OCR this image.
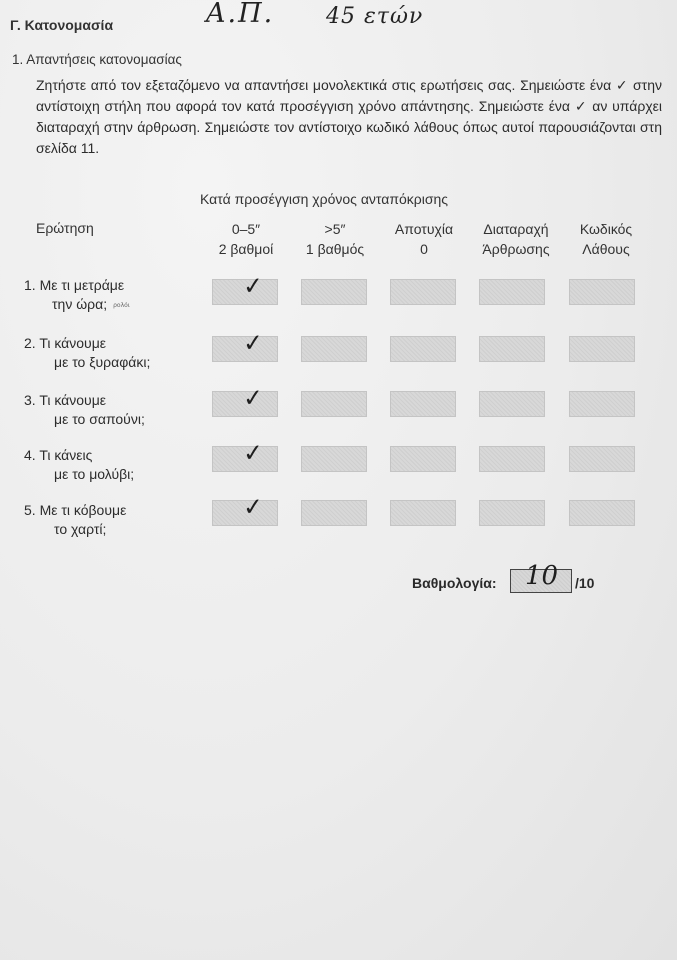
Γ. Κατονομασία	Α.Π. 45 ετών
1. Απαντήσεις κατονομασίας
Ζητήστε από τον εξεταζόμενο να απαντήσει μονολεκτικά στις ερωτήσεις σας. Σημειώστε ένα ✓ στην αντίστοιχη στήλη που αφορά τον κατά προσέγγιση χρόνο απάντησης. Σημειώστε ένα ✓ αν υπάρχει διαταραχή στην άρθρωση. Σημειώστε τον αντίστοιχο κωδικό λάθους όπως αυτοί παρουσιάζονται στη σελίδα 11.
Κατά προσέγγιση χρόνος ανταπόκρισης
Ερώτηση	0–5″
2 βαθμοί
>5″
1 βαθμός
Αποτυχία
0
Διαταραχή
Άρθρωσης
Κωδικός
Λάθους
1. Με τι μετράμε
την ώρα; ρολόι
2. Τι κάνουμε
με το ξυραφάκι;
3. Τι κάνουμε
με το σαπούνι;
4. Τι κάνεις
με το μολύβι;
5. Με τι κόβουμε
το χαρτί;
✓
✓
✓
✓
✓
Βαθμολογία: 10 /10
